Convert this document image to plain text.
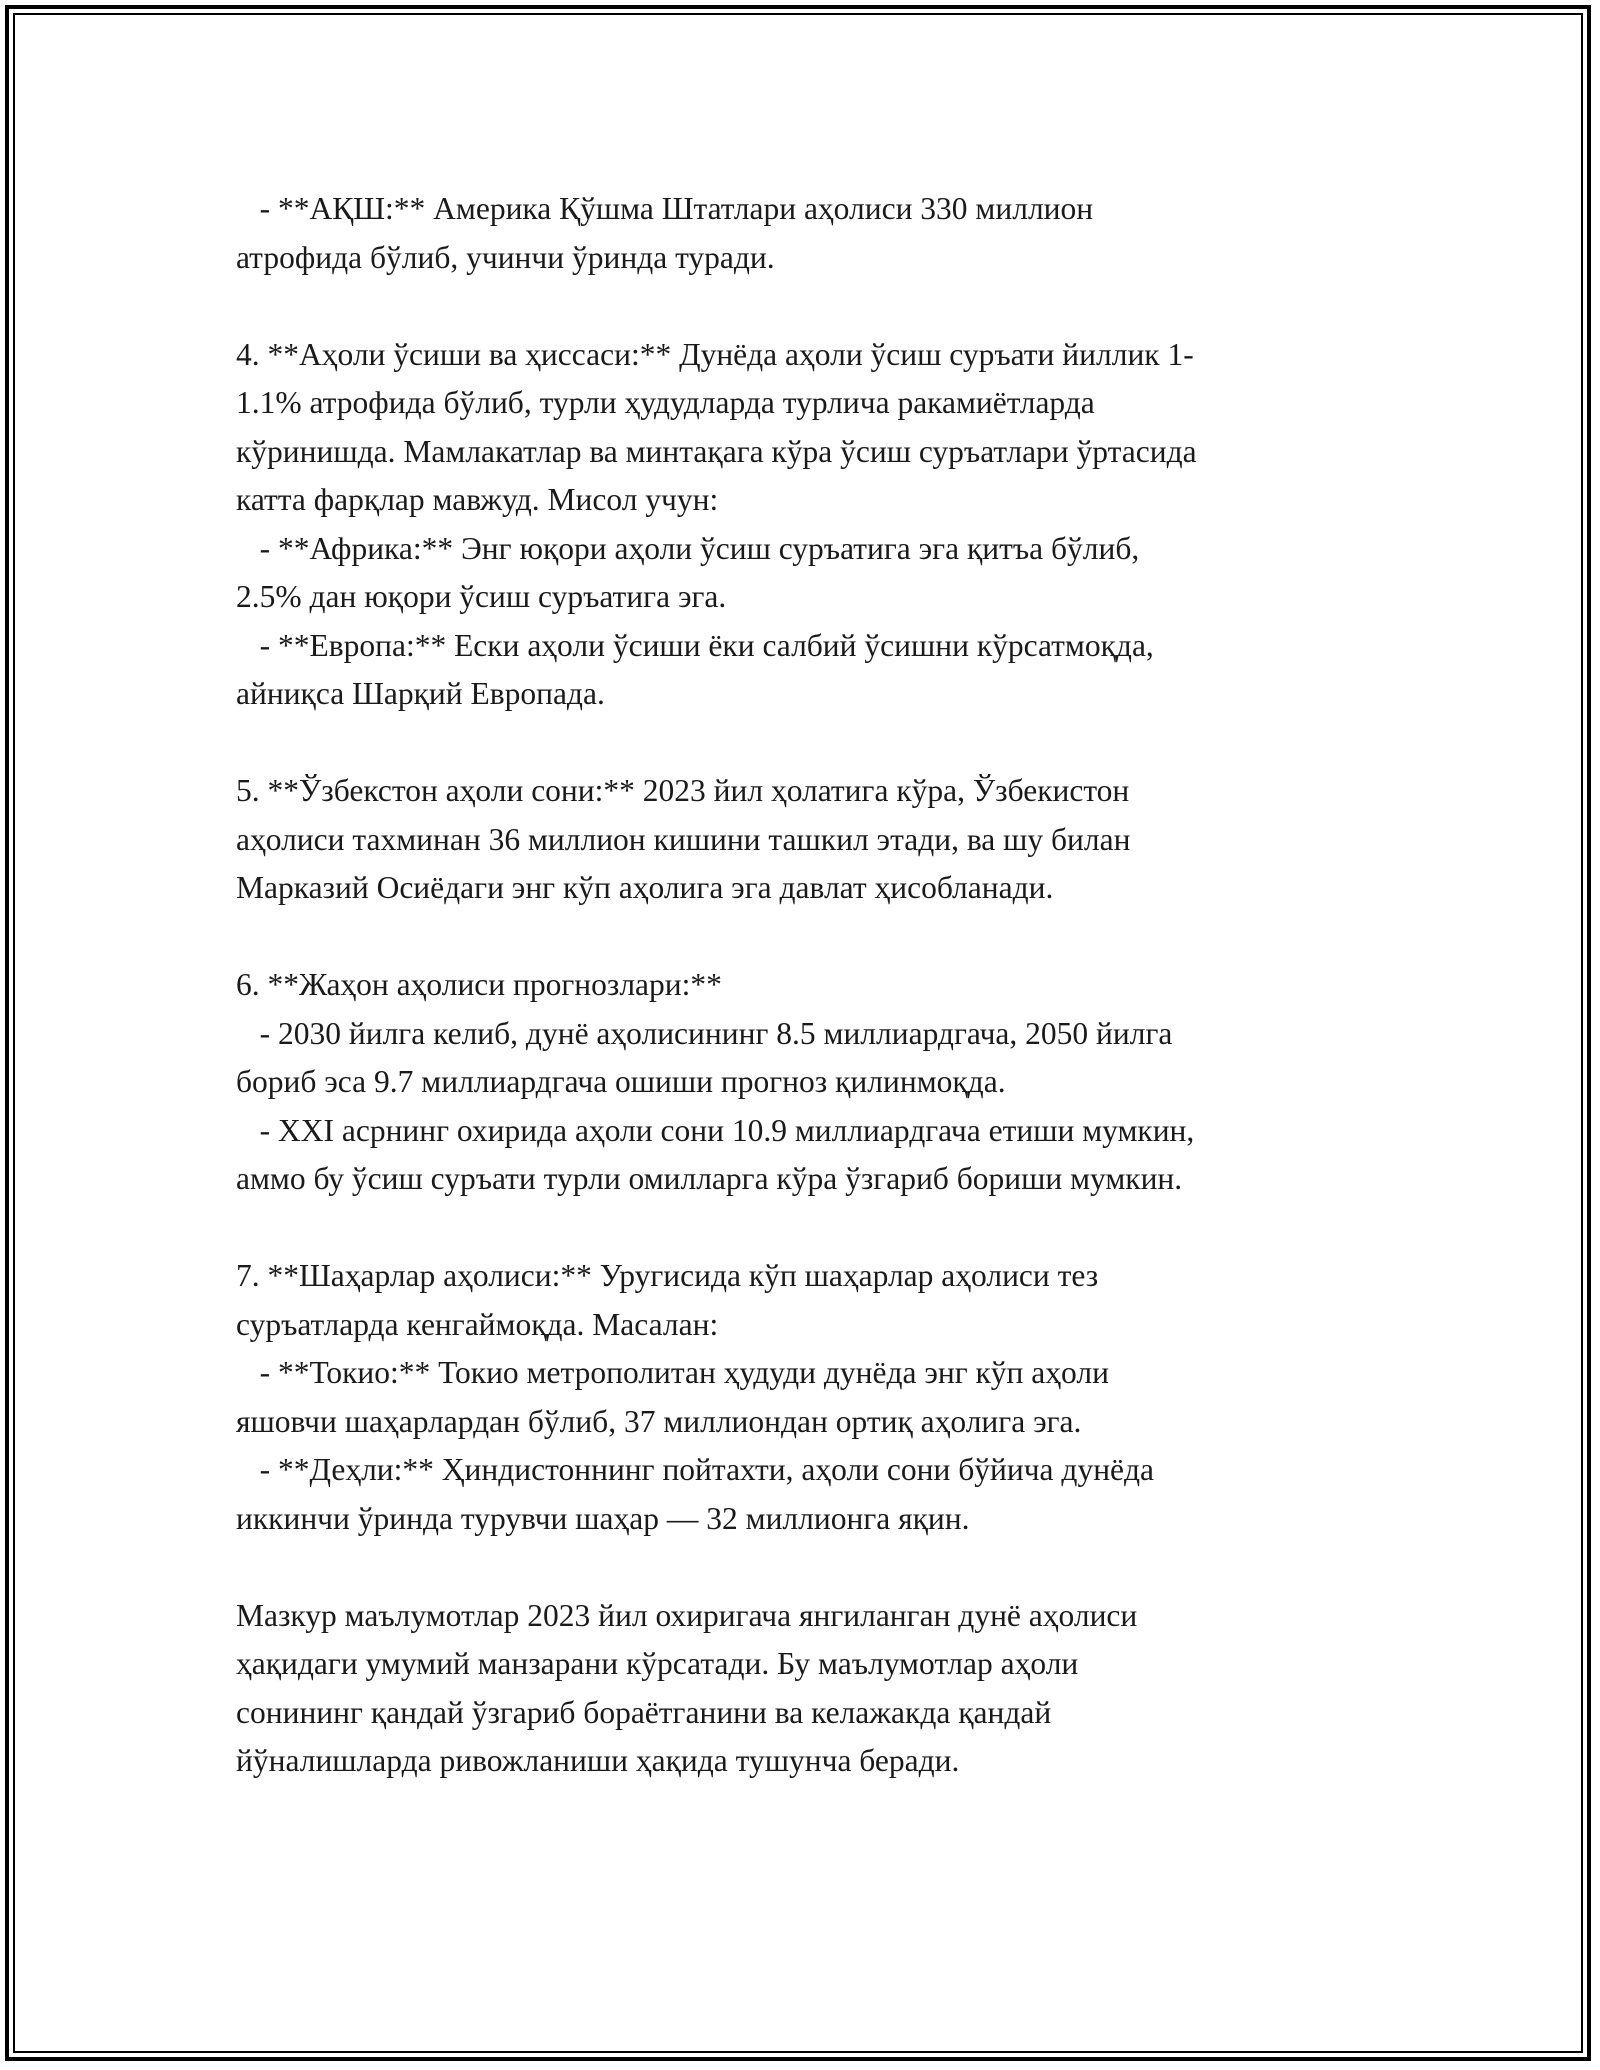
- **АҚШ:** Америка Қўшма Штатлари аҳолиси 330 миллион

атрофида бўлиб, учинчи ўринда туради.

4. **Аҳоли ўсиши ва ҳиссаси:** Дунёда аҳоли ўсиш суръати йиллик 1-

1.1% атрофида бўлиб, турли ҳудудларда турлича ракамиётларда

кўринишда. Мамлакатлар ва минтақага кўра ўсиш суръатлари ўртасида

катта фарқлар мавжуд. Мисол учун:

- **Африка:** Энг юқори аҳоли ўсиш суръатига эга қитъа бўлиб,

2.5% дан юқори ўсиш суръатига эга.

- **Европа:** Ески аҳоли ўсиши ёки салбий ўсишни кўрсатмоқда,

айниқса Шарқий Европада.

5. **Ўзбекстон аҳоли сони:** 2023 йил ҳолатига кўра, Ўзбекистон

аҳолиси тахминан 36 миллион кишини ташкил этади, ва шу билан

Марказий Осиёдаги энг кўп аҳолига эга давлат ҳисобланади.

6. **Жаҳон аҳолиси прогнозлари:**

- 2030 йилга келиб, дунё аҳолисининг 8.5 миллиардгача, 2050 йилга

бориб эса 9.7 миллиардгача ошиши прогноз қилинмоқда.

- XXI асрнинг охирида аҳоли сони 10.9 миллиардгача етиши мумкин,

аммо бу ўсиш суръати турли омилларга кўра ўзгариб бориши мумкин.

7. **Шаҳарлар аҳолиси:** Уругисида кўп шаҳарлар аҳолиси тез

суръатларда кенгаймоқда. Масалан:

- **Токио:** Токио метрополитан ҳудуди дунёда энг кўп аҳоли

яшовчи шаҳарлардан бўлиб, 37 миллиондан ортиқ аҳолига эга.

- **Деҳли:** Ҳиндистоннинг пойтахти, аҳоли сони бўйича дунёда

иккинчи ўринда турувчи шаҳар — 32 миллионга яқин.

Мазкур маълумотлар 2023 йил охиригача янгиланган дунё аҳолиси

ҳақидаги умумий манзарани кўрсатади. Бу маълумотлар аҳоли

сонининг қандай ўзгариб бораётганини ва келажакда қандай

йўналишларда ривожланиши ҳақида тушунча беради.
